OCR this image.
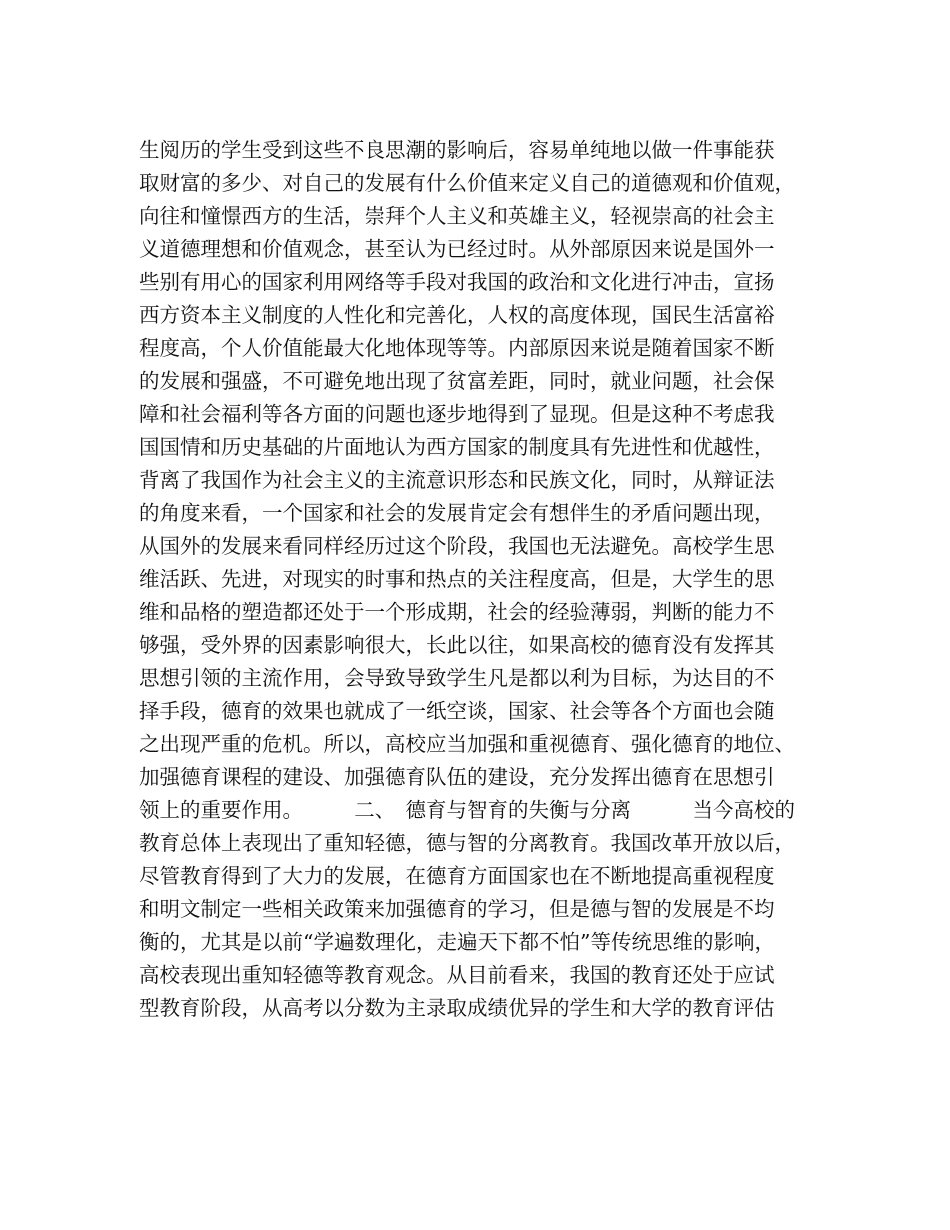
生阅历的学生受到这些不良思潮的影响后，容易单纯地以做一件事能获
取财富的多少、对自己的发展有什么价值来定义自己的道德观和价值观，
向往和憧憬西方的生活，崇拜个人主义和英雄主义，轻视崇高的社会主
义道德理想和价值观念，甚至认为已经过时。从外部原因来说是国外一
些别有用心的国家利用网络等手段对我国的政治和文化进行冲击，宣扬
西方资本主义制度的人性化和完善化，人权的高度体现，国民生活富裕
程度高，个人价值能最大化地体现等等。内部原因来说是随着国家不断
的发展和强盛，不可避免地出现了贫富差距，同时，就业问题，社会保
障和社会福利等各方面的问题也逐步地得到了显现。但是这种不考虑我
国国情和历史基础的片面地认为西方国家的制度具有先进性和优越性，
背离了我国作为社会主义的主流意识形态和民族文化，同时，从辩证法
的角度来看，一个国家和社会的发展肯定会有想伴生的矛盾问题出现，
从国外的发展来看同样经历过这个阶段，我国也无法避免。高校学生思
维活跃、先进，对现实的时事和热点的关注程度高，但是，大学生的思
维和品格的塑造都还处于一个形成期，社会的经验薄弱，判断的能力不
够强，受外界的因素影响很大，长此以往，如果高校的德育没有发挥其
思想引领的主流作用，会导致导致学生凡是都以利为目标，为达目的不
择手段，德育的效果也就成了一纸空谈，国家、社会等各个方面也会随
之出现严重的危机。所以，高校应当加强和重视德育、强化德育的地位、
加强德育课程的建设、加强德育队伍的建设，充分发挥出德育在思想引
领上的重要作用。　　　二、　德育与智育的失衡与分离　　　当今高校的
教育总体上表现出了重知轻德，德与智的分离教育。我国改革开放以后，
尽管教育得到了大力的发展，在德育方面国家也在不断地提高重视程度
和明文制定一些相关政策来加强德育的学习，但是德与智的发展是不均
衡的，尤其是以前“学遍数理化，走遍天下都不怕”等传统思维的影响，
高校表现出重知轻德等教育观念。从目前看来，我国的教育还处于应试
型教育阶段，从高考以分数为主录取成绩优异的学生和大学的教育评估
